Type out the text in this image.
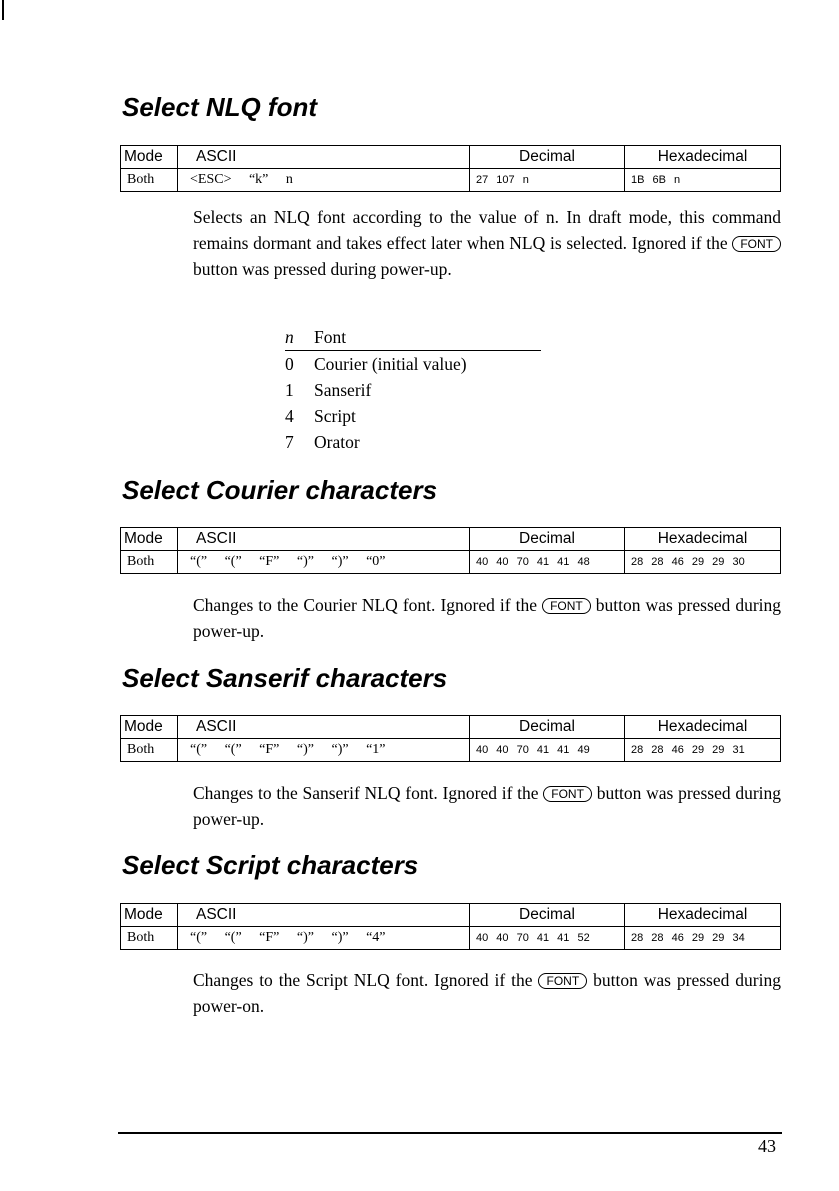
Select NLQ font
Mode	ASCII	Decimal	Hexadecimal
Both	<ESC> “k” n	27 107 n	1B 6B n

Selects an NLQ font according to the value of n. In draft mode, this command remains dormant and takes effect later when NLQ is selected. Ignored if the FONT button was pressed during power-up.

n	Font
0	Courier (initial value)
1	Sanserif
4	Script
7	Orator
Select Courier characters
Mode	ASCII	Decimal	Hexadecimal
Both	“(” “(” “F” “)” “)” “0”	40 40 70 41 41 48	28 28 46 29 29 30

Changes to the Courier NLQ font. Ignored if the FONT button was pressed during power-up.

Select Sanserif characters
Mode	ASCII	Decimal	Hexadecimal
Both	“(” “(” “F” “)” “)” “1”	40 40 70 41 41 49	28 28 46 29 29 31

Changes to the Sanserif NLQ font. Ignored if the FONT button was pressed during power-up.

Select Script characters
Mode	ASCII	Decimal	Hexadecimal
Both	“(” “(” “F” “)” “)” “4”	40 40 70 41 41 52	28 28 46 29 29 34

Changes to the Script NLQ font. Ignored if the FONT button was pressed during power-on.

43
